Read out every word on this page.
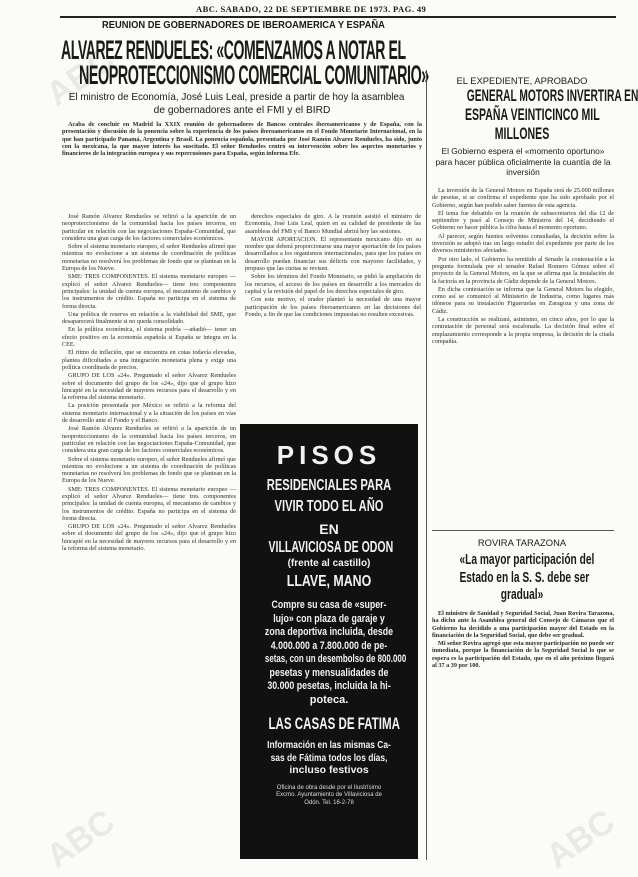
ABC. SABADO, 22 DE SEPTIEMBRE DE 1973. PAG. 49
ABC
ABC	ABC
REUNION DE GOBERNADORES DE IBEROAMERICA Y ESPAÑA
ALVAREZ RENDUELES: «COMENZAMOS A NOTAR EL
NEOPROTECCIONISMO COMERCIAL COMUNITARIO»
El ministro de Economía, José Luis Leal, preside a partir de hoy la asamblea
de gobernadores ante el FMI y el BIRD

Acaba de concluir en Madrid la XXIX reunión de gobernadores de Bancos centrales iberoamericanos y de España, con la presentación y discusión de la ponencia sobre la experiencia de los países iberoamericanos en el Fondo Monetario Internacional, en la que han participado Panamá, Argentina y Brasil. La ponencia española, presentada por José Ramón Alvarez Rendueles, ha sido, junto con la mexicana, la que mayor interés ha suscitado. El señor Rendueles centró su intervención sobre los aspectos monetarios y financieros de la integración europea y sus repercusiones para España, según informa Efe.

José Ramón Alvarez Rendueles se refirió a la aparición de un neoproteccionismo de la comunidad hacia los países terceros, en particular en relación con las negociaciones España-Comunidad, que considera una gran carga de los factores comerciales económicos.

Sobre el sistema monetario europeo, el señor Rendueles afirmó que mientras no evolucione a un sistema de coordinación de políticas monetarias no resolverá los problemas de fondo que se plantean en la Europa de los Nueve.

SME: TRES COMPONENTES. El sistema monetario europeo —explicó el señor Alvarez Rendueles— tiene tres componentes principales: la unidad de cuenta europea, el mecanismo de cambios y los instrumentos de crédito. España no participa en el sistema de forma directa.

Una política de reserva en relación a la viabilidad del SME, que desaparecerá finalmente si no queda consolidado.

En la política económica, el sistema podría —añadió— tener un efecto positivo en la economía española si España se integra en la CEE.

El ritmo de inflación, que se encuentra en cotas todavía elevadas, plantea dificultades a una integración monetaria plena y exige una política coordinada de precios.

GRUPO DE LOS «24». Preguntado el señor Alvarez Rendueles sobre el documento del grupo de los «24», dijo que el grupo hizo hincapié en la necesidad de mayores recursos para el desarrollo y en la reforma del sistema monetario.

La posición presentada por México se refirió a la reforma del sistema monetario internacional y a la situación de los países en vías de desarrollo ante el Fondo y el Banco.

José Ramón Alvarez Rendueles se refirió a la aparición de un neoproteccionismo de la comunidad hacia los países terceros, en particular en relación con las negociaciones España-Comunidad, que considera una gran carga de los factores comerciales económicos.

Sobre el sistema monetario europeo, el señor Rendueles afirmó que mientras no evolucione a un sistema de coordinación de políticas monetarias no resolverá los problemas de fondo que se plantean en la Europa de los Nueve.

SME: TRES COMPONENTES. El sistema monetario europeo —explicó el señor Alvarez Rendueles— tiene tres componentes principales: la unidad de cuenta europea, el mecanismo de cambios y los instrumentos de crédito. España no participa en el sistema de forma directa.

GRUPO DE LOS «24». Preguntado el señor Alvarez Rendueles sobre el documento del grupo de los «24», dijo que el grupo hizo hincapié en la necesidad de mayores recursos para el desarrollo y en la reforma del sistema monetario.

derechos especiales de giro. A la reunión asistió el ministro de Economía, José Luis Leal, quien en su calidad de presidente de las asambleas del FMI y el Banco Mundial abrirá hoy las sesiones.

MAYOR APORTACION. El representante mexicano dijo en su nombre que deberá proporcionarse una mayor aportación de los países desarrollados a los organismos internacionales, para que los países en desarrollo puedan financiar sus déficits con mayores facilidades, y propuso que las cuotas se revisen.

Sobre los términos del Fondo Monetario, se pidió la ampliación de los recursos, el acceso de los países en desarrollo a los mercados de capital y la revisión del papel de los derechos especiales de giro.

Con este motivo, el orador planteó la necesidad de una mayor participación de los países iberoamericanos en las decisiones del Fondo, a fin de que las condiciones impuestas no resulten excesivas.

PISOS
RESIDENCIALES PARA
VIVIR TODO EL AÑO
EN
VILLAVICIOSA DE ODON
(frente al castillo)
LLAVE, MANO
Compre su casa de «super-
lujo» con plaza de garaje y
zona deportiva incluida, desde
4.000.000 a 7.800.000 de pe-
setas, con un desembolso de 800.000
pesetas y mensualidades de
30.000 pesetas, incluida la hi-
poteca.
LAS CASAS DE FATIMA
Información en las mismas Ca-
sas de Fátima todos los días,
incluso festivos
Oficina de obra desde por el Ilustrísimo
Excmo. Ayuntamiento de Villaviciosa de
Odón. Tel. 16-2-78
EL EXPEDIENTE, APROBADO
GENERAL MOTORS INVERTIRA EN
ESPAÑA VEINTICINCO MIL
MILLONES
El Gobierno espera el «momento oportuno» para hacer pública oficialmente la cuantía de la inversión

La inversión de la General Motors en España será de 25.000 millones de pesetas, si se confirma el expediente que ha sido aprobado por el Gobierno, según han podido saber fuentes de esta agencia.

El tema fue debatido en la reunión de subsecretarios del día 12 de septiembre y pasó al Consejo de Ministros del 14, decidiendo el Gobierno no hacer pública la cifra hasta el momento oportuno.

Al parecer, según fuentes solventes consultadas, la decisión sobre la inversión se adoptó tras un largo estudio del expediente por parte de los diversos ministerios afectados.

Por otro lado, el Gobierno ha remitido al Senado la contestación a la pregunta formulada por el senador Rafael Romero Gómez sobre el proyecto de la General Motors, en la que se afirma que la instalación de la factoría en la provincia de Cádiz depende de la General Motors.

En dicha contestación se informa que la General Motors ha elegido, como así se comunicó al Ministerio de Industria, como lugares más idóneos para su instalación Figueruelas en Zaragoza y una zona de Cádiz.

La construcción se realizará, asimismo, en cinco años, por lo que la contratación de personal será escalonada. La decisión final sobre el emplazamiento corresponde a la propia empresa, la decisión de la citada compañía.

ROVIRA TARAZONA
«La mayor participación del
Estado en la S. S. debe ser
gradual»

El ministro de Sanidad y Seguridad Social, Juan Rovira Tarazona, ha dicho ante la Asamblea general del Consejo de Cámaras que el Gobierno ha decidido a una participación mayor del Estado en la financiación de la Seguridad Social, que debe ser gradual.

Mi señor Rovira agregó que esta mayor participación no puede ser inmediata, porque la financiación de la Seguridad Social lo que se espera es la participación del Estado, que en el año próximo llegará al 37 a 39 por 100.
